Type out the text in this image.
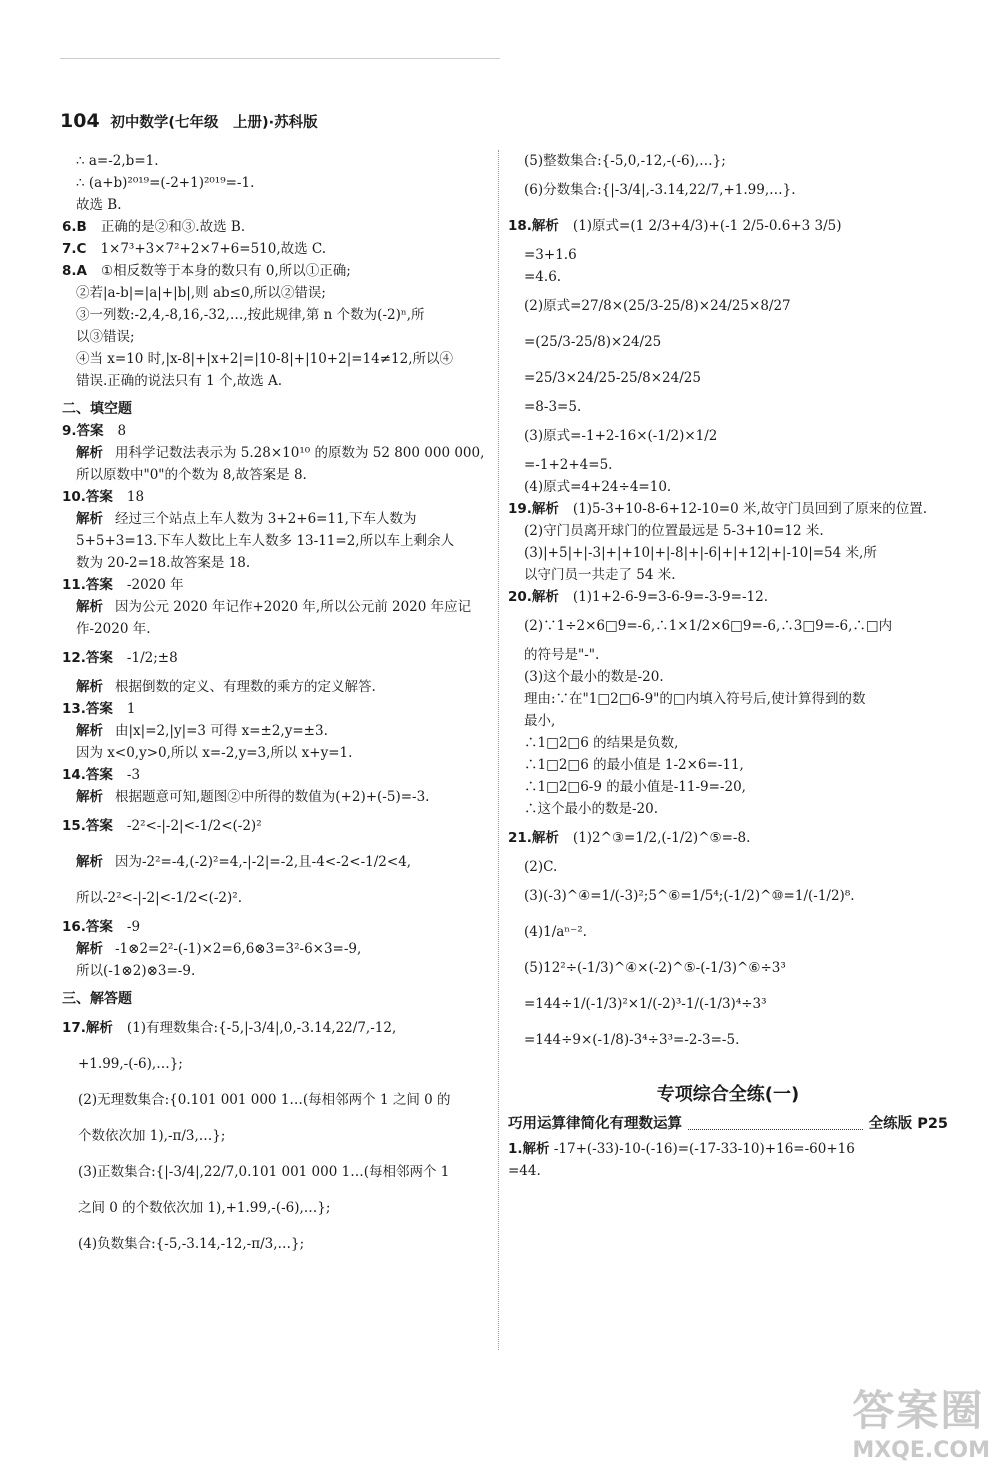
104 初中数学(七年级　上册)·苏科版
∴ a=-2,b=1.
∴ (a+b)²⁰¹⁹=(-2+1)²⁰¹⁹=-1.
故选 B.
6.B 正确的是②和③.故选 B.
7.C 1×7³+3×7²+2×7+6=510,故选 C.
8.A ①相反数等于本身的数只有 0,所以①正确;
②若|a-b|=|a|+|b|,则 ab≤0,所以②错误;
③一列数:-2,4,-8,16,-32,…,按此规律,第 n 个数为(-2)ⁿ,所
以③错误;
④当 x=10 时,|x-8|+|x+2|=|10-8|+|10+2|=14≠12,所以④
错误.正确的说法只有 1 个,故选 A.
二、填空题
9.答案 8
解析 用科学记数法表示为 5.28×10¹⁰ 的原数为 52 800 000 000,
所以原数中"0"的个数为 8,故答案是 8.
10.答案 18
解析 经过三个站点上车人数为 3+2+6=11,下车人数为
5+5+3=13.下车人数比上车人数多 13-11=2,所以车上剩余人
数为 20-2=18.故答案是 18.
11.答案 -2020 年
解析 因为公元 2020 年记作+2020 年,所以公元前 2020 年应记
作-2020 年.
12.答案 -1/2;±8
解析 根据倒数的定义、有理数的乘方的定义解答.
13.答案 1
解析 由|x|=2,|y|=3 可得 x=±2,y=±3.
因为 x<0,y>0,所以 x=-2,y=3,所以 x+y=1.
14.答案 -3
解析 根据题意可知,题图②中所得的数值为(+2)+(-5)=-3.
15.答案 -2²<-|-2|<-1/2<(-2)²
解析 因为-2²=-4,(-2)²=4,-|-2|=-2,且-4<-2<-1/2<4,
所以-2²<-|-2|<-1/2<(-2)².
16.答案 -9
解析 -1⊗2=2²-(-1)×2=6,6⊗3=3²-6×3=-9,
所以(-1⊗2)⊗3=-9.
三、解答题
17.解析 (1)有理数集合:{-5,|-3/4|,0,-3.14,22/7,-12,
+1.99,-(-6),…};
(2)无理数集合:{0.101 001 000 1…(每相邻两个 1 之间 0 的
个数依次加 1),-π/3,…};
(3)正数集合:{|-3/4|,22/7,0.101 001 000 1…(每相邻两个 1
之间 0 的个数依次加 1),+1.99,-(-6),…};
(4)负数集合:{-5,-3.14,-12,-π/3,…};
(5)整数集合:{-5,0,-12,-(-6),…};
(6)分数集合:{|-3/4|,-3.14,22/7,+1.99,…}.
18.解析 (1)原式=(1 2/3+4/3)+(-1 2/5-0.6+3 3/5)
=3+1.6
=4.6.
(2)原式=27/8×(25/3-25/8)×24/25×8/27
=(25/3-25/8)×24/25
=25/3×24/25-25/8×24/25
=8-3=5.
(3)原式=-1+2-16×(-1/2)×1/2
=-1+2+4=5.
(4)原式=4+24÷4=10.
19.解析 (1)5-3+10-8-6+12-10=0 米,故守门员回到了原来的位置.
(2)守门员离开球门的位置最远是 5-3+10=12 米.
(3)|+5|+|-3|+|+10|+|-8|+|-6|+|+12|+|-10|=54 米,所
以守门员一共走了 54 米.
20.解析 (1)1+2-6-9=3-6-9=-3-9=-12.
(2)∵1÷2×6□9=-6,∴1×1/2×6□9=-6,∴3□9=-6,∴□内
的符号是"-".
(3)这个最小的数是-20.
理由:∵在"1□2□6-9"的□内填入符号后,使计算得到的数
最小,
∴1□2□6 的结果是负数,
∴1□2□6 的最小值是 1-2×6=-11,
∴1□2□6-9 的最小值是-11-9=-20,
∴这个最小的数是-20.
21.解析 (1)2^③=1/2,(-1/2)^⑤=-8.
(2)C.
(3)(-3)^④=1/(-3)²;5^⑥=1/5⁴;(-1/2)^⑩=1/(-1/2)⁸.
(4)1/aⁿ⁻².
(5)12²÷(-1/3)^④×(-2)^⑤-(-1/3)^⑥÷3³
=144÷1/(-1/3)²×1/(-2)³-1/(-1/3)⁴÷3³
=144÷9×(-1/8)-3⁴÷3³=-2-3=-5.
专项综合全练(一)
巧用运算律简化有理数运算	全练版 P25
1.解析 -17+(-33)-10-(-16)=(-17-33-10)+16=-60+16
=44.
答案圈
MXQE.COM
